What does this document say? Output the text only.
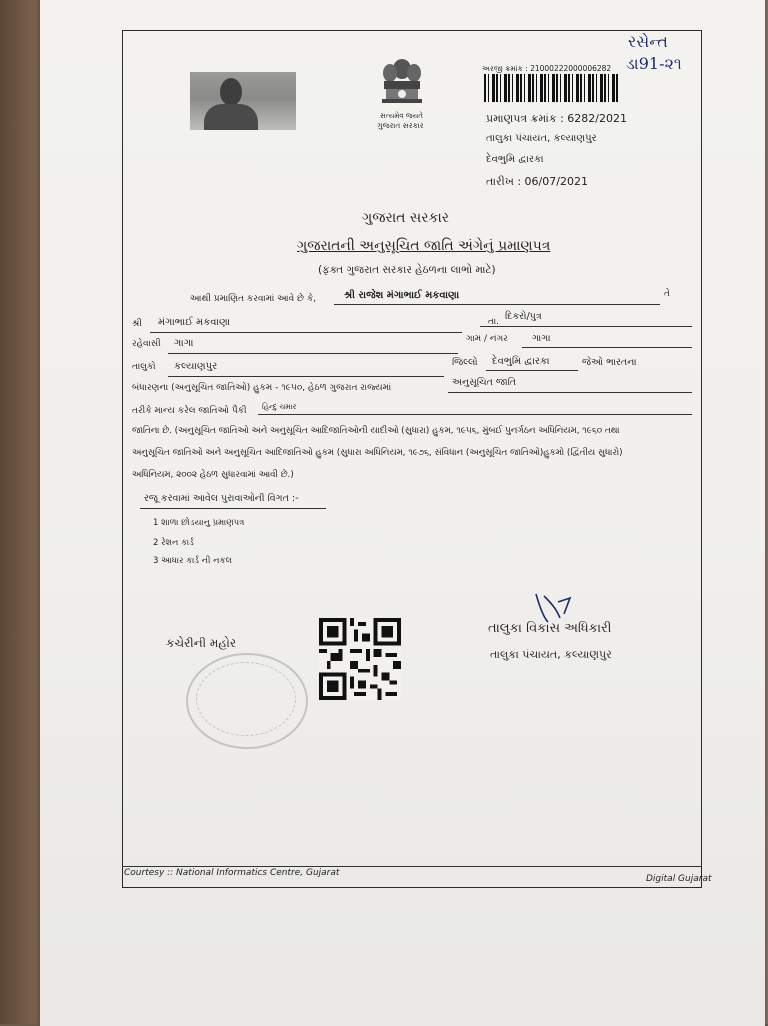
રસેન્ત
ડા91-૨૧
સત્યમેવ જયતે
ગુજરાત સરકાર
અરજી ક્રમાંક : 21000222000006282
પ્રમાણપત્ર ક્રમાંક : 6282/2021
તાલુકા પંચાયત, કલ્યાણપુર
દેવભુમિ દ્વારકા
તારીખ : 06/07/2021
ગુજરાત સરકાર
ગુજરાતની અનુસૂચિત જાતિ અંગેનું પ્રમાણપત્ર
(ફક્ત ગુજરાત સરકાર હેઠળના લાભો માટે)
આથી પ્રમાણિત કરવામાં આવે છે કે,	શ્રી રાજેશ મંગાભાઈ મકવાણા	તે
શ્રી મંગાભાઈ મકવાણા	તા. દિકરો/પુત્ર
રહેવાસી ગાગા	ગામ / નગર	ગાગા
તાલુકો કલ્યાણપુર	જિલ્લો દેવભુમિ દ્વારકા	જેઓ ભારતના
બંધારણના (અનુસૂચિત જાતિઓ) હુકમ - ૧૯૫૦, હેઠળ ગુજરાત રાજ્યમાં	અનુસૂચિત જાતિ
તરીકે માન્ય કરેલ જાતિઓ પૈકી હિન્દુ ચમાર
જાતિના છે. (અનુસૂચિત જાતિઓ અને અનુસૂચિત આદિજાતિઓની યાદીઓ (સુધારા) હુકમ, ૧૯૫૬, મુંબઈ પુનર્ગઠન અધિનિયમ, ૧૯૬૦ તથા
અનુસૂચિત જાતિઓ અને અનુસૂચિત આદિજાતિઓ હુકમ (સુધારા અધિનિયમ, ૧૯૭૬, સંવિધાન (અનુસૂચિત જાતિઓ)હુકમો (દ્વિતીય સુધારો)
અધિનિયમ, ૨૦૦૨ હેઠળ સુધારવામાં આવી છે.)
રજૂ કરવામાં આવેલ પુરાવાઓની વિગત :-
1 શાળા છોડયાનુ પ્રમાણપત્ર
2 રેશન કાર્ડ
3 આધાર કાર્ડ ની નકલ
તાલુકા વિકાસ અધિકારી
તાલુકા પંચાયત, કલ્યાણપુર
કચેરીની મહોર
Courtesy :: National Informatics Centre, Gujarat
Digital Gujarat
